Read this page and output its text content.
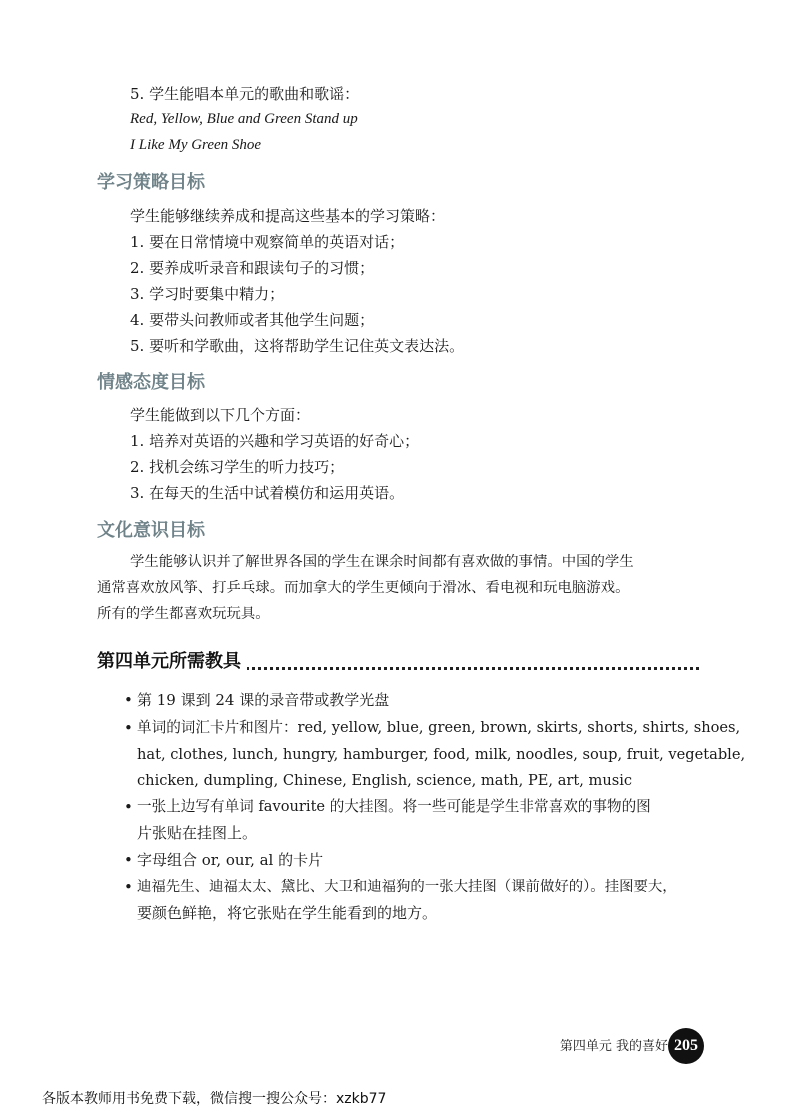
5. 学生能唱本单元的歌曲和歌谣：
Red, Yellow, Blue and Green Stand up
I Like My Green Shoe
学习策略目标
学生能够继续养成和提高这些基本的学习策略：
1. 要在日常情境中观察简单的英语对话；
2. 要养成听录音和跟读句子的习惯；
3. 学习时要集中精力；
4. 要带头问教师或者其他学生问题；
5. 要听和学歌曲，这将帮助学生记住英文表达法。
情感态度目标
学生能做到以下几个方面：
1. 培养对英语的兴趣和学习英语的好奇心；
2. 找机会练习学生的听力技巧；
3. 在每天的生活中试着模仿和运用英语。
文化意识目标
学生能够认识并了解世界各国的学生在课余时间都有喜欢做的事情。中国的学生
通常喜欢放风筝、打乒乓球。而加拿大的学生更倾向于滑冰、看电视和玩电脑游戏。
所有的学生都喜欢玩玩具。
第四单元所需教具
• 第 19 课到 24 课的录音带或教学光盘
• 单词的词汇卡片和图片：red, yellow, blue, green, brown, skirts, shorts, shirts, shoes,
hat, clothes, lunch, hungry, hamburger, food, milk, noodles, soup, fruit, vegetable,
chicken, dumpling, Chinese, English, science, math, PE, art, music
• 一张上边写有单词 favourite 的大挂图。将一些可能是学生非常喜欢的事物的图
片张贴在挂图上。
• 字母组合 or, our, al 的卡片
• 迪福先生、迪福太太、黛比、大卫和迪福狗的一张大挂图（课前做好的）。挂图要大，
要颜色鲜艳，将它张贴在学生能看到的地方。
第四单元 我的喜好 205
各版本教师用书免费下载，微信搜一搜公众号：xzkb77
